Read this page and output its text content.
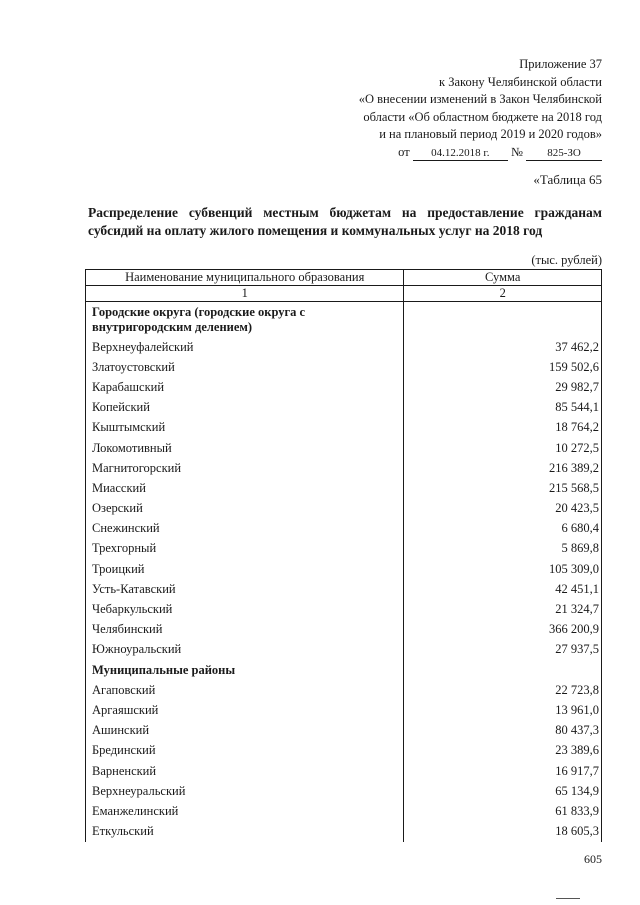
Приложение 37
к Закону Челябинской области
«О внесении изменений в Закон Челябинской
области «Об областном бюджете на 2018 год
и на плановый период 2019 и 2020 годов»
от 04.12.2018 г. № 825-ЗО
«Таблица 65
Распределение субвенций местным бюджетам на предоставление гражданам субсидий на оплату жилого помещения и коммунальных услуг на 2018 год
(тыс. рублей)
Наименование муниципального образования	Сумма
1	2
Городские округа (городские округа с внутригородским делением)	
Верхнеуфалейский	37 462,2
Златоустовский	159 502,6
Карабашский	29 982,7
Копейский	85 544,1
Кыштымский	18 764,2
Локомотивный	10 272,5
Магнитогорский	216 389,2
Миасский	215 568,5
Озерский	20 423,5
Снежинский	6 680,4
Трехгорный	5 869,8
Троицкий	105 309,0
Усть-Катавский	42 451,1
Чебаркульский	21 324,7
Челябинский	366 200,9
Южноуральский	27 937,5
Муниципальные районы	
Агаповский	22 723,8
Аргаяшский	13 961,0
Ашинский	80 437,3
Брединский	23 389,6
Варненский	16 917,7
Верхнеуральский	65 134,9
Еманжелинский	61 833,9
Еткульский	18 605,3
605
